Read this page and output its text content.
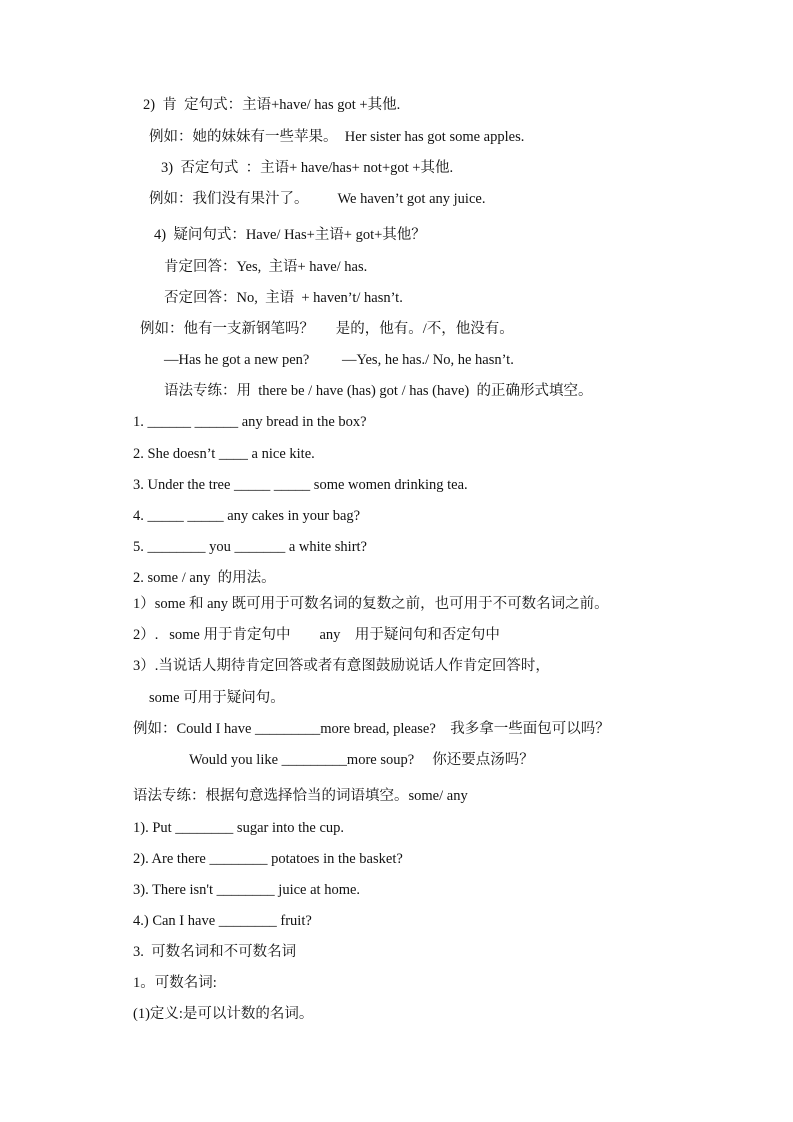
2)  肯  定句式：主语+have/ has got +其他.
例如：她的妹妹有一些苹果。  Her sister has got some apples.
3)  否定句式  ：主语+ have/has+ not+got +其他.
例如：我们没有果汁了。        We haven’t got any juice.
4)  疑问句式：Have/ Has+主语+ got+其他？
肯定回答：Yes,  主语+ have/ has.
否定回答：No,  主语  + haven’t/ hasn’t.
例如：他有一支新钢笔吗？      是的，他有。/不，他没有。
—Has he got a new pen?         —Yes, he has./ No, he hasn’t.
语法专练：用  there be / have (has) got / has (have)  的正确形式填空。
1. ______ ______ any bread in the box?
2. She doesn’t ____ a nice kite.
3. Under the tree _____ _____ some women drinking tea.
4. _____ _____ any cakes in your bag?
5. ________ you _______ a white shirt?
2. some / any  的用法。
1）some 和 any 既可用于可数名词的复数之前，也可用于不可数名词之前。
2）.   some 用于肯定句中        any    用于疑问句和否定句中
3）.当说话人期待肯定回答或者有意图鼓励说话人作肯定回答时，
some 可用于疑问句。
例如：Could I have _________more bread, please?    我多拿一些面包可以吗？
Would you like _________more soup?     你还要点汤吗？
语法专练：根据句意选择恰当的词语填空。some/ any
1). Put ________ sugar into the cup.
2). Are there ________ potatoes in the basket?
3). There isn't ________ juice at home.
4.) Can I have ________ fruit?
3.  可数名词和不可数名词
1。可数名词:
(1)定义:是可以计数的名词。
